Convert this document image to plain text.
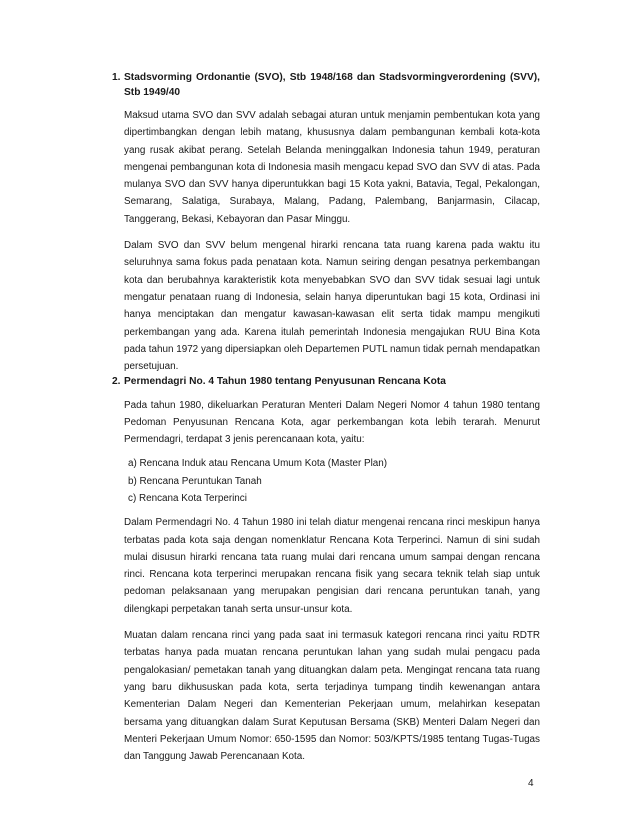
1. Stadsvorming Ordonantie (SVO), Stb 1948/168 dan Stadsvormingverordening (SVV), Stb 1949/40

Maksud utama SVO dan SVV adalah sebagai aturan untuk menjamin pembentukan kota yang dipertimbangkan dengan lebih matang, khususnya dalam pembangunan kembali kota-kota yang rusak akibat perang. Setelah Belanda meninggalkan Indonesia tahun 1949, peraturan mengenai pembangunan kota di Indonesia masih mengacu kepad SVO dan SVV di atas. Pada mulanya SVO dan SVV hanya diperuntukkan bagi 15 Kota yakni, Batavia, Tegal, Pekalongan, Semarang, Salatiga, Surabaya, Malang, Padang, Palembang, Banjarmasin, Cilacap, Tanggerang, Bekasi, Kebayoran dan Pasar Minggu.

Dalam SVO dan SVV belum mengenal hirarki rencana tata ruang karena pada waktu itu seluruhnya sama fokus pada penataan kota. Namun seiring dengan pesatnya perkembangan kota dan berubahnya karakteristik kota menyebabkan SVO dan SVV tidak sesuai lagi untuk mengatur penataan ruang di Indonesia, selain hanya diperuntukan bagi 15 kota, Ordinasi ini hanya menciptakan dan mengatur kawasan-kawasan elit serta tidak mampu mengikuti perkembangan yang ada. Karena itulah pemerintah Indonesia mengajukan RUU Bina Kota pada tahun 1972 yang dipersiapkan oleh Departemen PUTL namun tidak pernah mendapatkan persetujuan.

2. Permendagri No. 4 Tahun 1980 tentang Penyusunan Rencana Kota

Pada tahun 1980, dikeluarkan Peraturan Menteri Dalam Negeri Nomor 4 tahun 1980 tentang Pedoman Penyusunan Rencana Kota, agar perkembangan kota lebih terarah. Menurut Permendagri, terdapat 3 jenis perencanaan kota, yaitu:

a) Rencana Induk atau Rencana Umum Kota (Master Plan)
b) Rencana Peruntukan Tanah
c) Rencana Kota Terperinci

Dalam Permendagri No. 4 Tahun 1980 ini telah diatur mengenai rencana rinci meskipun hanya terbatas pada kota saja dengan nomenklatur Rencana Kota Terperinci. Namun di sini sudah mulai disusun hirarki rencana tata ruang mulai dari rencana umum sampai dengan rencana rinci. Rencana kota terperinci merupakan rencana fisik yang secara teknik telah siap untuk pedoman pelaksanaan yang merupakan pengisian dari rencana peruntukan tanah, yang dilengkapi perpetakan tanah serta unsur-unsur kota.

Muatan dalam rencana rinci yang pada saat ini termasuk kategori rencana rinci yaitu RDTR terbatas hanya pada muatan rencana peruntukan lahan yang sudah mulai pengacu pada pengalokasian/ pemetakan tanah yang dituangkan dalam peta. Mengingat rencana tata ruang yang baru dikhususkan pada kota, serta terjadinya tumpang tindih kewenangan antara Kementerian Dalam Negeri dan Kementerian Pekerjaan umum, melahirkan kesepatan bersama yang dituangkan dalam Surat Keputusan Bersama (SKB) Menteri Dalam Negeri dan Menteri Pekerjaan Umum Nomor: 650-1595 dan Nomor: 503/KPTS/1985 tentang Tugas-Tugas dan Tanggung Jawab Perencanaan Kota.

4
